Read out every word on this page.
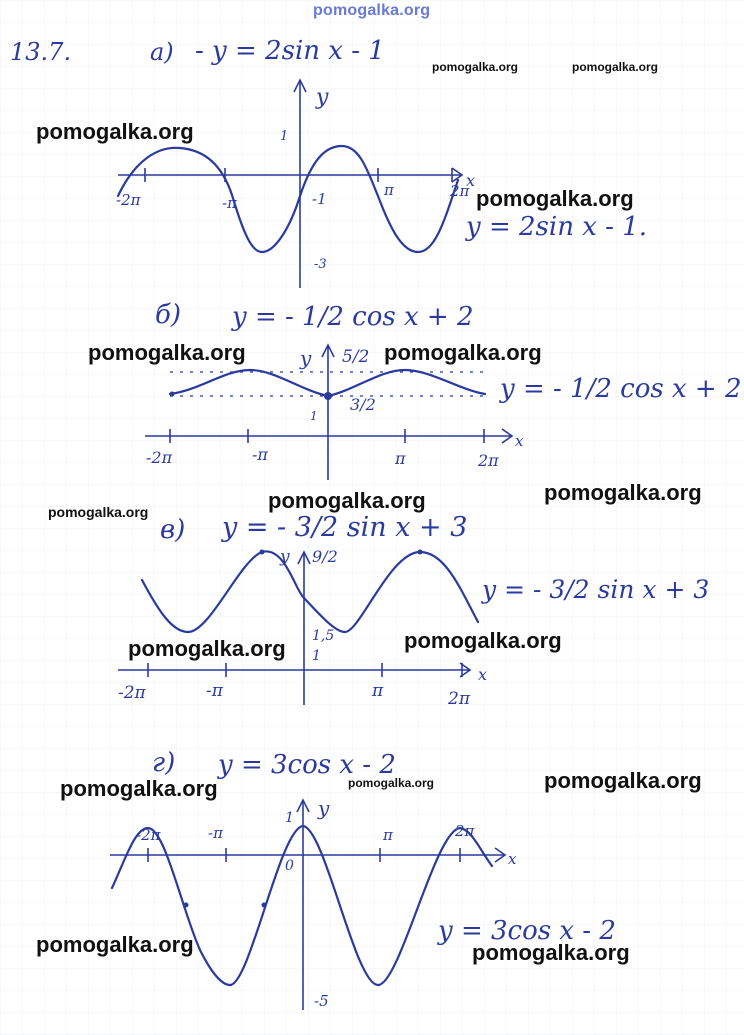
pomogalka.org
13.7.	а) - y = 2sin x - 1
y
x
-2π	-π
π	2π
1
-1
-3
y = 2sin x - 1.
б) y = - 1/2 cos x + 2
y
x
5/2
3/2
1
-2π	-π	π	2π
y = - 1/2 cos x + 2
в) y = - 3/2 sin x + 3
y 9/2
1,5
1
x
-2π	-π	π	2π
y = - 3/2 sin x + 3
г) y = 3cos x - 2
y
x
0
1
-2π	-π	π	2π
-5
y = 3cos x - 2
pomogalka.org	pomogalka.org
pomogalka.org
pomogalka.org
pomogalka.org	pomogalka.org
pomogalka.org
pomogalka.org
pomogalka.org
pomogalka.org
pomogalka.org
pomogalka.org
pomogalka.org
pomogalka.org
pomogalka.org	pomogalka.org
